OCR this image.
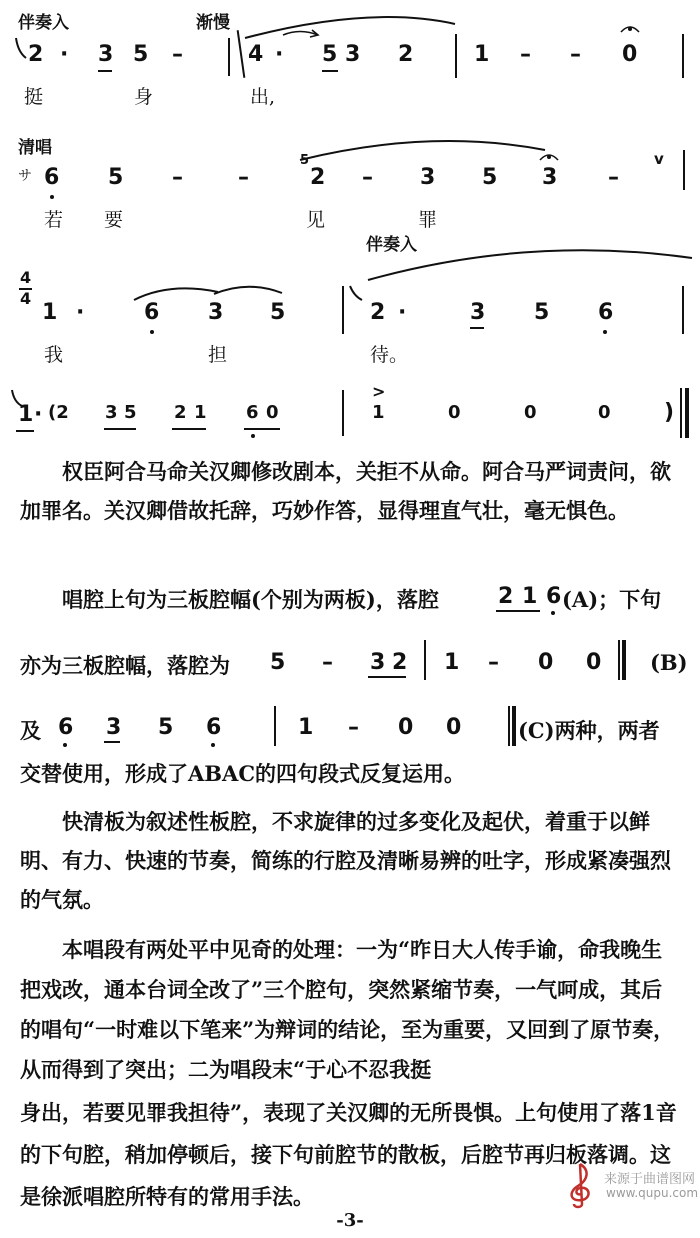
伴奏入	渐慢
2 · 3 5 –	4 · 5 3 2	1 – – 0
挺	身	出,
清唱
サ 6 5 –	–
5
2 – 3 5 3 –
v
若 要	见	罪
伴奏入
4
4
1 ·	6 3 5	2 ·	3 5 6
我	担	待。
1 · (2 3 5 2 1 6 0
>
1	0	0	0 )
权臣阿合马命关汉卿修改剧本，关拒不从命。阿合马严词责问，欲加罪名。关汉卿借故托辞，巧妙作答，显得理直气壮，毫无惧色。
唱腔上句为三板腔幅(个别为两板)，落腔	2 1 6 (A)；下句
亦为三板腔幅，落腔为 5 – 3 2 1 – 0 0 (B)
及 6 3 5 6	1 – 0 0	(C)两种，两者
交替使用，形成了ABAC的四句段式反复运用。
快清板为叙述性板腔，不求旋律的过多变化及起伏，着重于以鲜明、有力、快速的节奏，简练的行腔及清晰易辨的吐字，形成紧凑强烈的气氛。
本唱段有两处平中见奇的处理：一为“昨日大人传手谕，命我晚生把戏改，通本台词全改了”三个腔句，突然紧缩节奏，一气呵成，其后的唱句“一时难以下笔来”为辩词的结论，至为重要，又回到了原节奏，从而得到了突出；二为唱段末“于心不忍我挺
身出，若要见罪我担待”，表现了关汉卿的无所畏惧。上句使用了落1音的下句腔，稍加停顿后，接下句前腔节的散板，后腔节再归板落调。这是徐派唱腔所特有的常用手法。
-3-
来源于曲谱图网
www.qupu.com
